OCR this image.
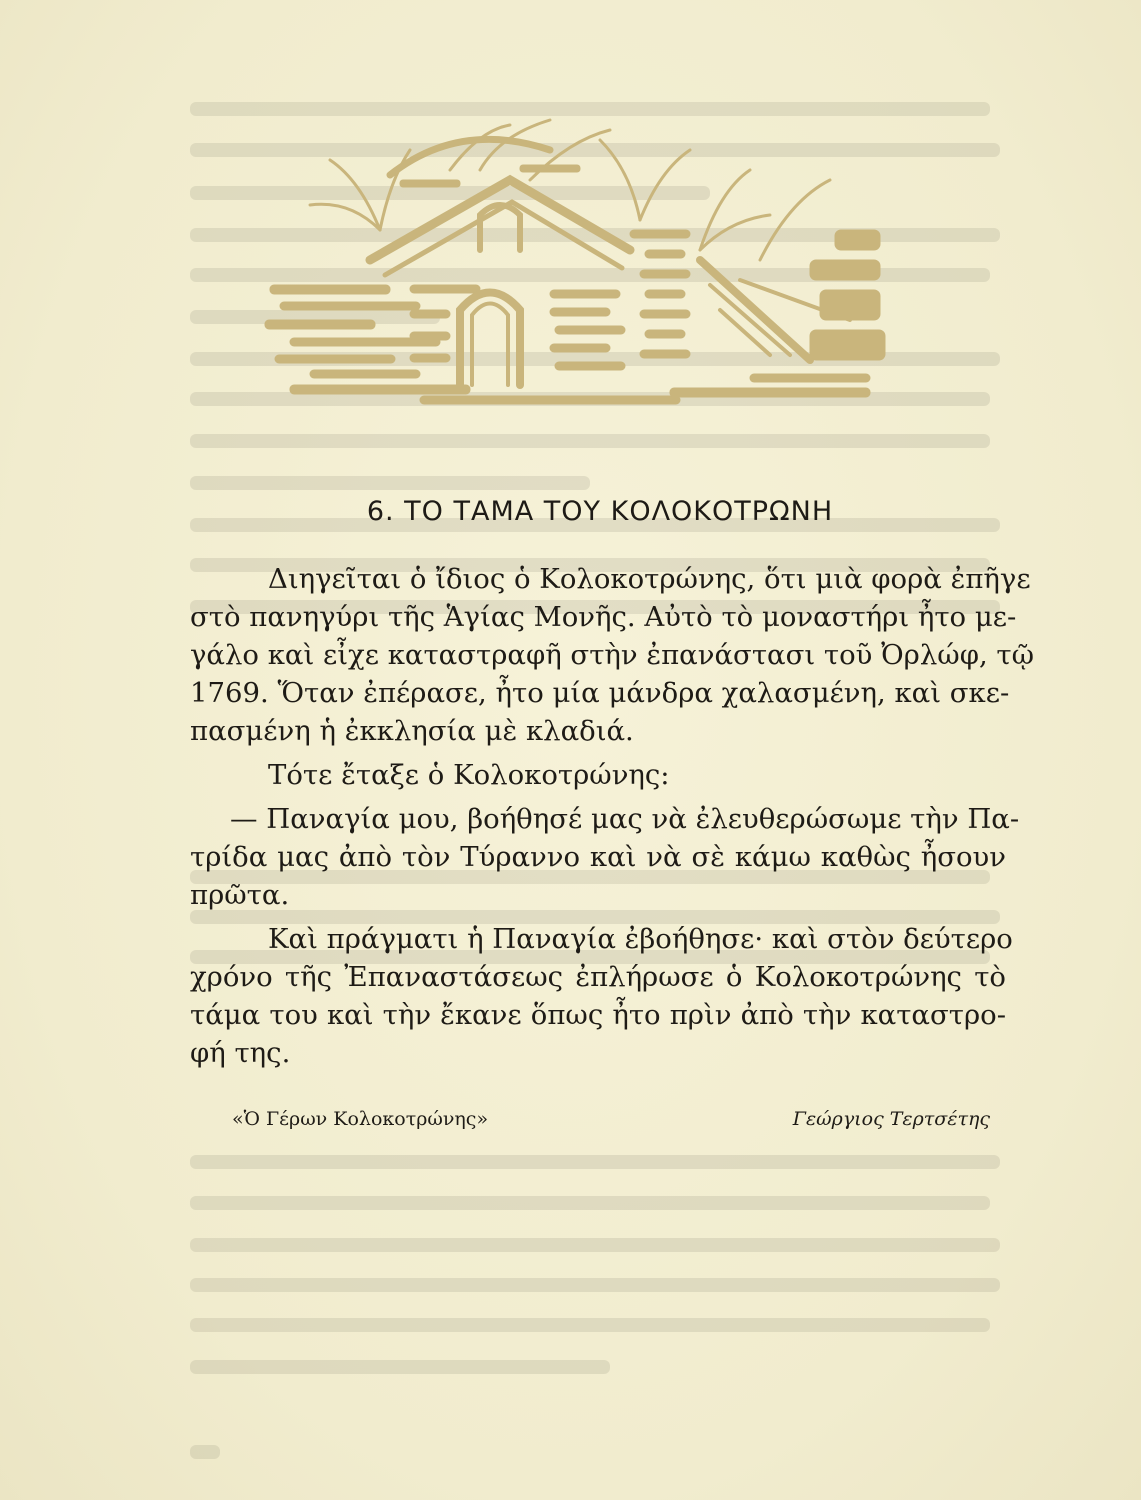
6. ΤΟ ΤΑΜΑ ΤΟΥ ΚΟΛΟΚΟΤΡΩΝΗ

Διηγεῖται ὁ ἴδιος ὁ Κολοκοτρώνης, ὅτι μιὰ φορὰ ἐπῆγε
στὸ πανηγύρι τῆς Ἁγίας Μονῆς. Αὐτὸ τὸ μοναστήρι ἦτο με-
γάλο καὶ εἶχε καταστραφῆ στὴν ἐπανάστασι τοῦ Ὀρλώφ, τῷ
1769. Ὅταν ἐπέρασε, ἦτο μία μάνδρα χαλασμένη, καὶ σκε-
πασμένη ἡ ἐκκλησία μὲ κλαδιά.

Τότε ἔταξε ὁ Κολοκοτρώνης:

— Παναγία μου, βοήθησέ μας νὰ ἐλευθερώσωμε τὴν Πα-
τρίδα μας ἀπὸ τὸν Τύραννο καὶ νὰ σὲ κάμω καθὼς ἦσουν
πρῶτα.

Καὶ πράγματι ἡ Παναγία ἐβοήθησε· καὶ στὸν δεύτερο
χρόνο τῆς Ἐπαναστάσεως ἐπλήρωσε ὁ Κολοκοτρώνης τὸ
τάμα του καὶ τὴν ἔκανε ὅπως ἦτο πρὶν ἀπὸ τὴν καταστρο-
φή της.

«Ὁ Γέρων Κολοκοτρώνης»	Γεώργιος Τερτσέτης
